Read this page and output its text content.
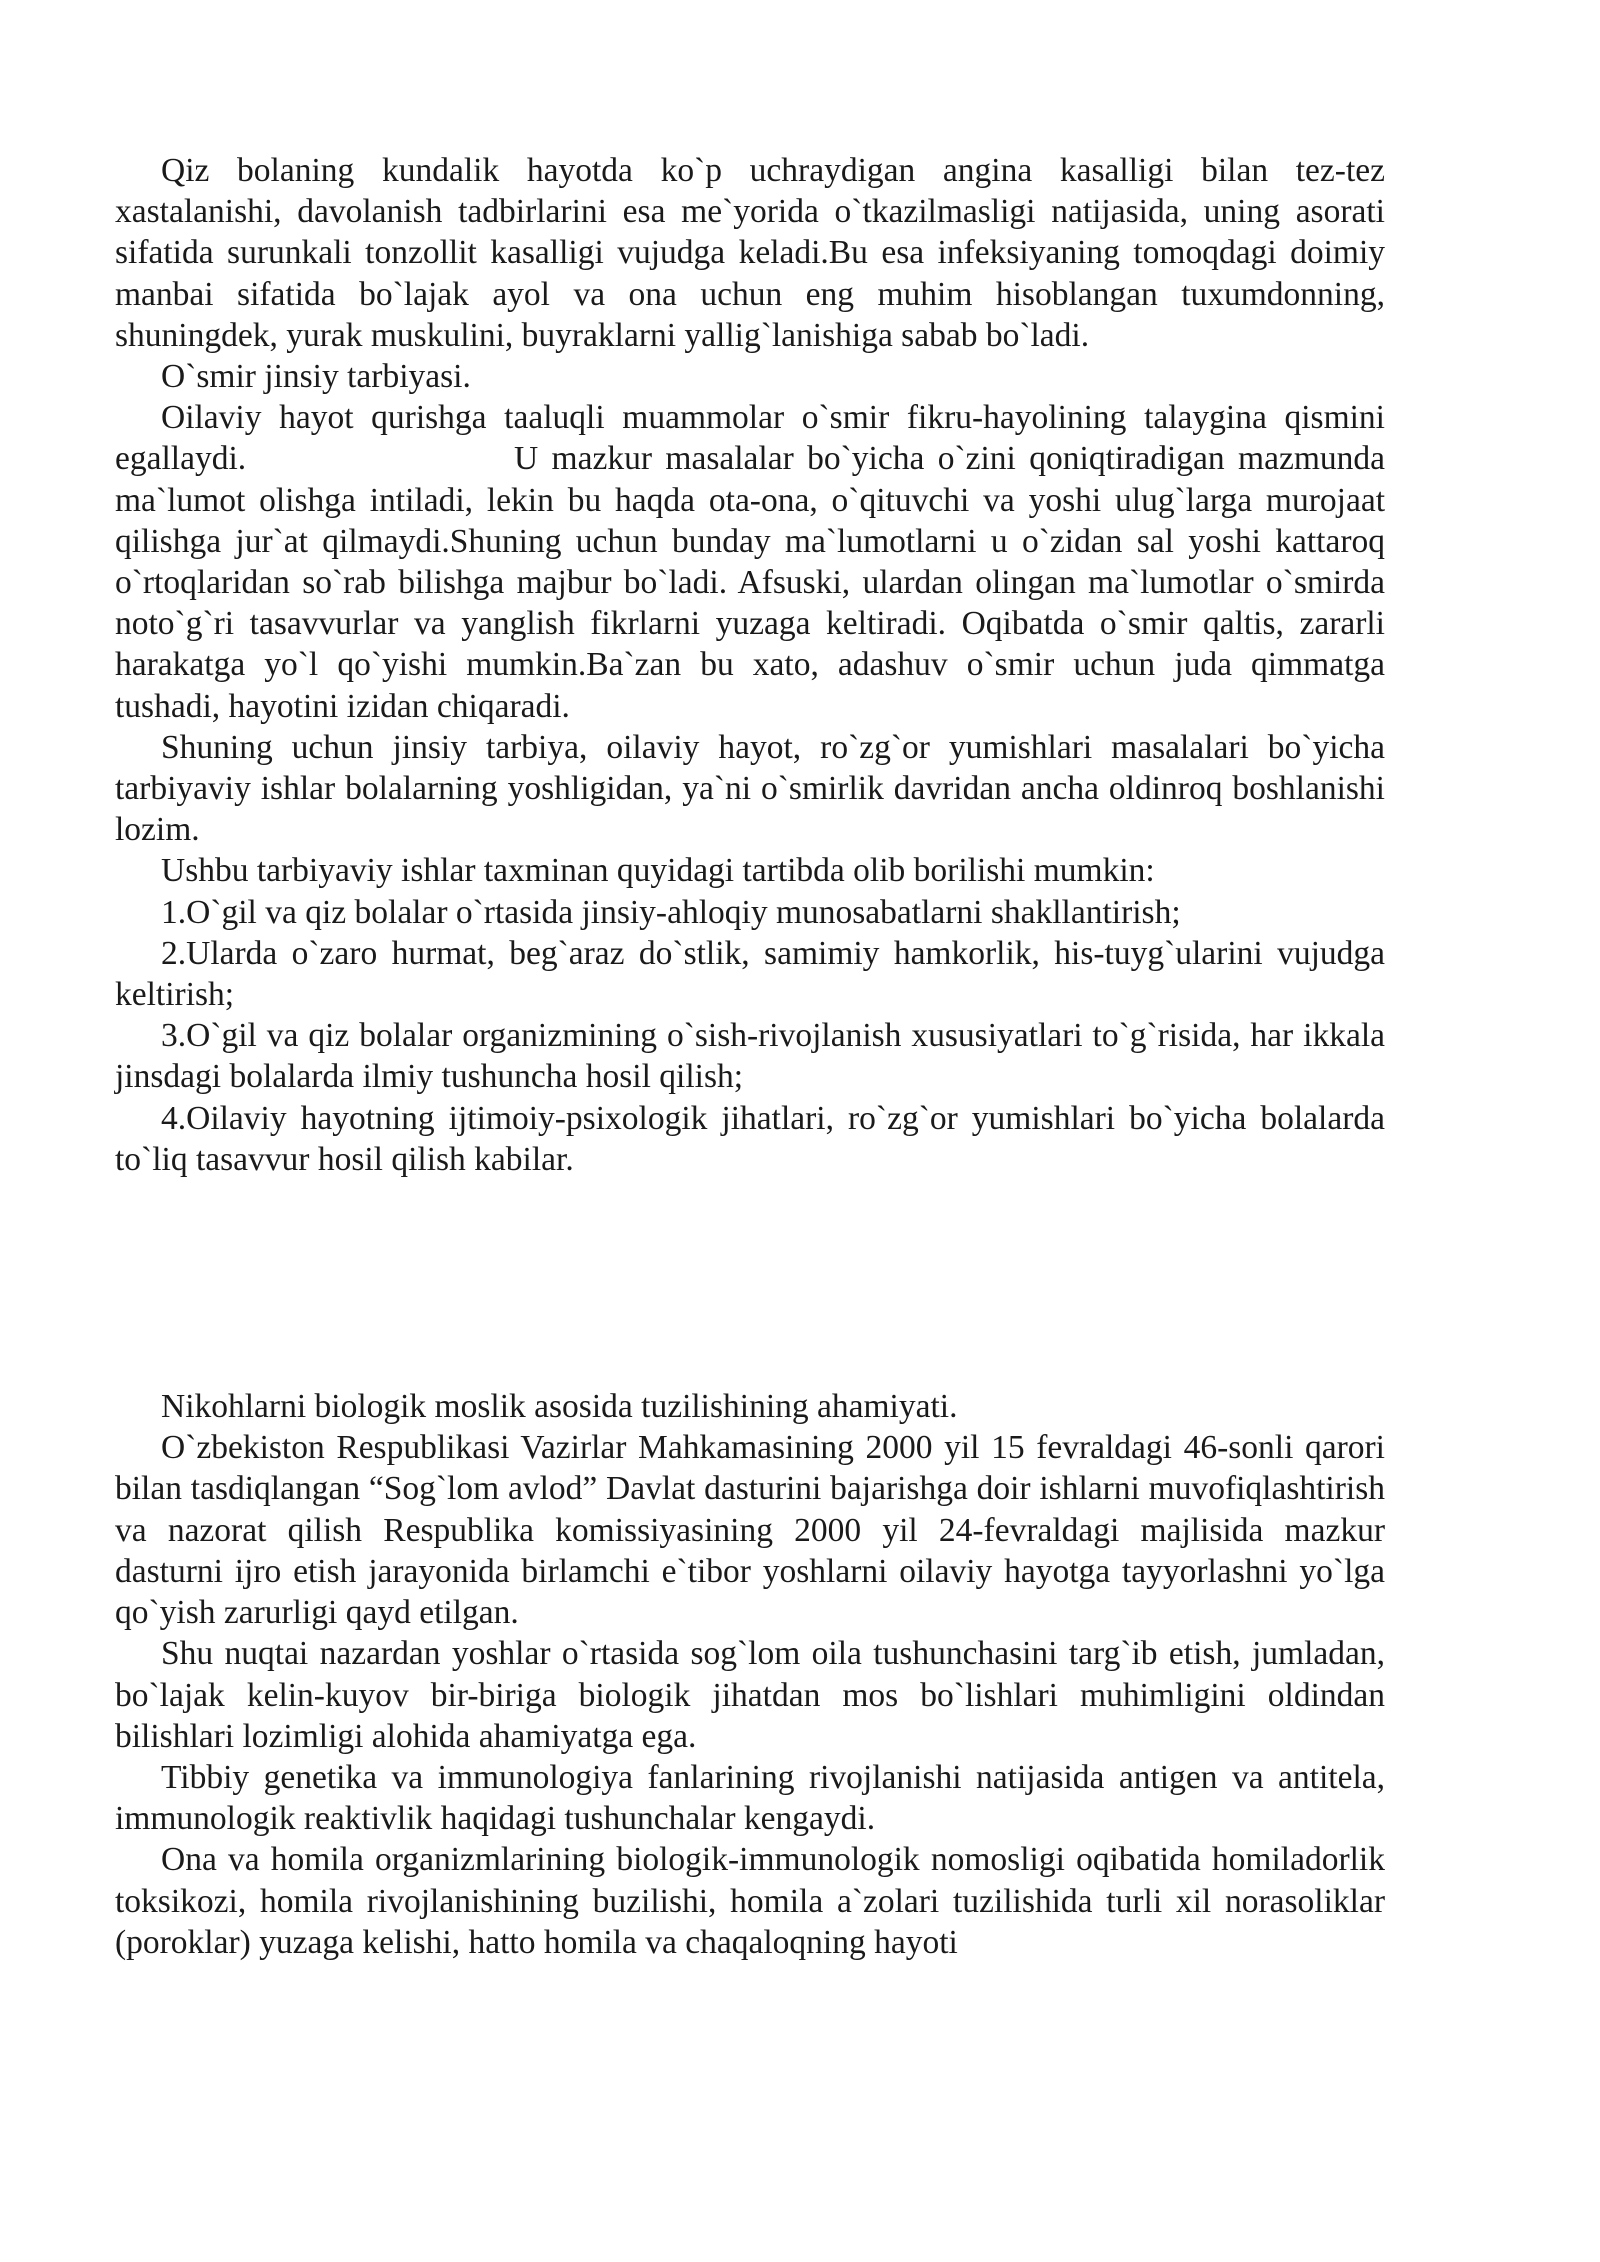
Qiz bolaning kundalik hayotda ko`p uchraydigan angina kasalligi bilan tez-tez xastalanishi, davolanish tadbirlarini esa me`yorida o`tkazilmasligi natijasida, uning asorati sifatida surunkali tonzollit kasalligi vujudga keladi.Bu esa infeksiyaning tomoqdagi doimiy manbai sifatida bo`lajak ayol va ona uchun eng muhim hisoblangan tuxumdonning, shuningdek, yurak muskulini, buyraklarni yallig`lanishiga sabab bo`ladi.

O`smir jinsiy tarbiyasi.

Oilaviy hayot qurishga taaluqli muammolar o`smir fikru-hayolining talaygina qismini egallaydi.                    U mazkur masalalar bo`yicha o`zini qoniqtiradigan mazmunda ma`lumot olishga intiladi, lekin bu haqda ota-ona, o`qituvchi va yoshi ulug`larga murojaat qilishga jur`at qilmaydi.Shuning uchun bunday ma`lumotlarni u o`zidan sal yoshi kattaroq o`rtoqlaridan so`rab bilishga majbur bo`ladi. Afsuski, ulardan olingan ma`lumotlar o`smirda noto`g`ri tasavvurlar va yanglish fikrlarni yuzaga keltiradi. Oqibatda o`smir qaltis, zararli harakatga yo`l qo`yishi mumkin.Ba`zan bu xato, adashuv o`smir uchun juda qimmatga tushadi, hayotini izidan chiqaradi.

Shuning uchun jinsiy tarbiya, oilaviy hayot, ro`zg`or yumishlari masalalari bo`yicha tarbiyaviy ishlar bolalarning yoshligidan, ya`ni o`smirlik davridan ancha oldinroq boshlanishi lozim.

Ushbu tarbiyaviy ishlar taxminan quyidagi tartibda olib borilishi mumkin:

1.O`gil va qiz bolalar o`rtasida jinsiy-ahloqiy munosabatlarni shakllantirish;

2.Ularda o`zaro hurmat, beg`araz do`stlik, samimiy hamkorlik, his-tuyg`ularini vujudga keltirish;

3.O`gil va qiz bolalar organizmining o`sish-rivojlanish xususiyatlari to`g`risida, har ikkala jinsdagi bolalarda ilmiy tushuncha hosil qilish;

4.Oilaviy hayotning ijtimoiy-psixologik jihatlari, ro`zg`or yumishlari bo`yicha bolalarda to`liq tasavvur hosil qilish kabilar.

Nikohlarni biologik moslik asosida tuzilishining ahamiyati.

O`zbekiston Respublikasi Vazirlar Mahkamasining 2000 yil 15 fevraldagi 46-sonli qarori bilan tasdiqlangan “Sog`lom avlod” Davlat dasturini bajarishga doir ishlarni muvofiqlashtirish va nazorat qilish Respublika komissiyasining 2000 yil 24-fevraldagi majlisida mazkur dasturni ijro etish jarayonida birlamchi e`tibor yoshlarni oilaviy hayotga tayyorlashni yo`lga qo`yish zarurligi qayd etilgan.

Shu nuqtai nazardan yoshlar o`rtasida sog`lom oila tushunchasini targ`ib etish, jumladan, bo`lajak kelin-kuyov bir-biriga biologik jihatdan mos bo`lishlari muhimligini oldindan bilishlari lozimligi alohida ahamiyatga ega.

Tibbiy genetika va immunologiya fanlarining rivojlanishi natijasida antigen va antitela, immunologik reaktivlik haqidagi tushunchalar kengaydi.

Ona va homila organizmlarining biologik-immunologik nomosligi oqibatida homiladorlik toksikozi, homila rivojlanishining buzilishi, homila a`zolari tuzilishida turli xil norasoliklar (poroklar) yuzaga kelishi, hatto homila va chaqaloqning hayoti
